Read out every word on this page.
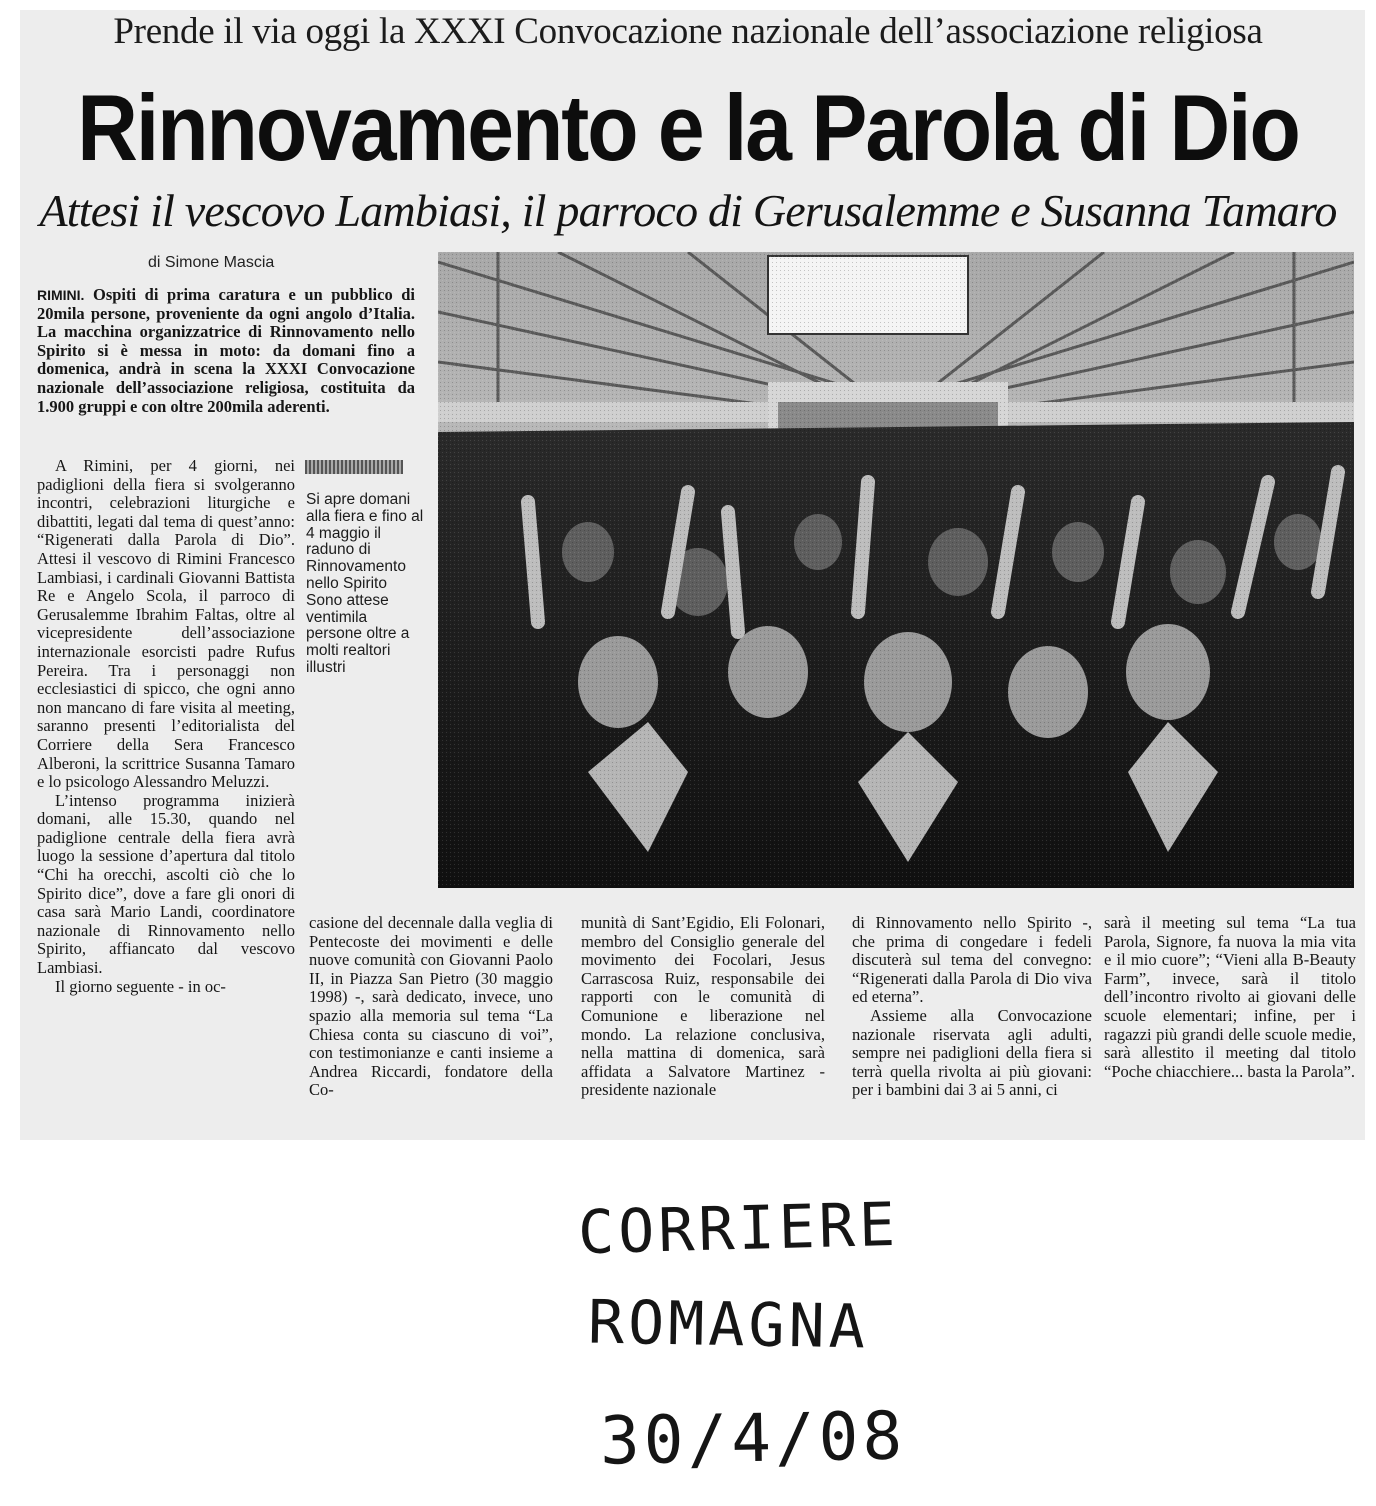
Prende il via oggi la XXXI Convocazione nazionale dell’associazione religiosa
Rinnovamento e la Parola di Dio
Attesi il vescovo Lambiasi, il parroco di Gerusalemme e Susanna Tamaro
di Simone Mascia
RIMINI. Ospiti di prima caratura e un pubblico di 20mila persone, proveniente da ogni angolo d’Italia. La macchina organizzatrice di Rinnovamento nello Spirito si è messa in moto: da domani fino a domenica, andrà in scena la XXXI Convocazione nazionale dell’associazione religiosa, costituita da 1.900 gruppi e con oltre 200mila aderenti.

A Rimini, per 4 giorni, nei padiglioni della fiera si svolgeranno incontri, celebrazioni liturgiche e dibattiti, legati dal tema di quest’anno: “Rigenerati dalla Parola di Dio”. Attesi il vescovo di Rimini Francesco Lambiasi, i cardinali Giovanni Battista Re e Angelo Scola, il parroco di Gerusalemme Ibrahim Faltas, oltre al vicepresidente dell’associazione internazionale esorcisti padre Rufus Pereira. Tra i personaggi non ecclesiastici di spicco, che ogni anno non mancano di fare visita al meeting, saranno presenti l’editorialista del Corriere della Sera Francesco Alberoni, la scrittrice Susanna Tamaro e lo psicologo Alessandro Meluzzi.

L’intenso programma inizierà domani, alle 15.30, quando nel padiglione centrale della fiera avrà luogo la sessione d’apertura dal titolo “Chi ha orecchi, ascolti ciò che lo Spirito dice”, dove a fare gli onori di casa sarà Mario Landi, coordinatore nazionale di Rinnovamento nello Spirito, affiancato dal vescovo Lambiasi.

Il giorno seguente - in oc-

Si apre domani alla fiera e fino al 4 maggio il raduno di Rinnovamento nello Spirito Sono attese ventimila persone oltre a molti realtori illustri

casione del decennale dalla veglia di Pentecoste dei movimenti e delle nuove comunità con Giovanni Paolo II, in Piazza San Pietro (30 maggio 1998) -, sarà dedicato, invece, uno spazio alla memoria sul tema “La Chiesa conta su ciascuno di voi”, con testimonianze e canti insieme a Andrea Riccardi, fondatore della Co-

munità di Sant’Egidio, Eli Folonari, membro del Consiglio generale del movimento dei Focolari, Jesus Carrascosa Ruiz, responsabile dei rapporti con le comunità di Comunione e liberazione nel mondo. La relazione conclusiva, nella mattina di domenica, sarà affidata a Salvatore Martinez - presidente nazionale

di Rinnovamento nello Spirito -, che prima di congedare i fedeli discuterà sul tema del convegno: “Rigenerati dalla Parola di Dio viva ed eterna”.

Assieme alla Convocazione nazionale riservata agli adulti, sempre nei padiglioni della fiera si terrà quella rivolta ai più giovani: per i bambini dai 3 ai 5 anni, ci

sarà il meeting sul tema “La tua Parola, Signore, fa nuova la mia vita e il mio cuore”; “Vieni alla B-Beauty Farm”, invece, sarà il titolo dell’incontro rivolto ai giovani delle scuole elementari; infine, per i ragazzi più grandi delle scuole medie, sarà allestito il meeting dal titolo “Poche chiacchiere... basta la Parola”.

CORRIERE
ROMAGNA
30/4/08
